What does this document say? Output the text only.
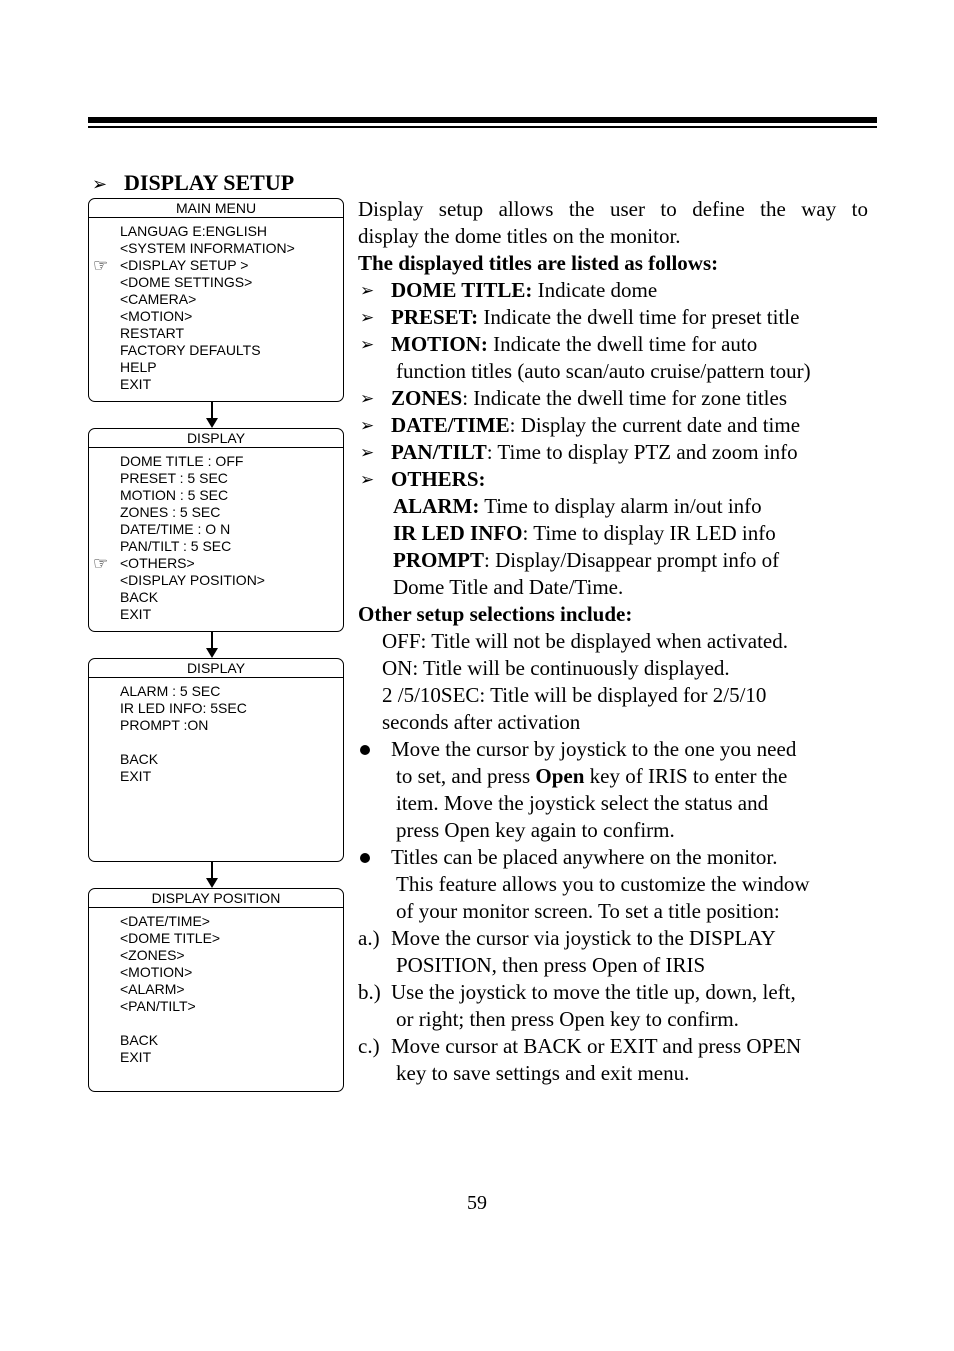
➢ DISPLAY SETUP
MAIN MENU
LANGUAG E:ENGLISH
<SYSTEM INFORMATION>
☞ <DISPLAY SETUP >
<DOME SETTINGS>
<CAMERA>
<MOTION>
RESTART
FACTORY DEFAULTS
HELP
EXIT
DISPLAY
DOME TITLE : OFF
PRESET : 5 SEC
MOTION : 5 SEC
ZONES : 5 SEC
DATE/TIME : O N
PAN/TILT : 5 SEC
☞ <OTHERS>
<DISPLAY POSITION>
BACK
EXIT
DISPLAY
ALARM : 5 SEC
IR LED INFO: 5SEC
PROMPT :ON
BACK
EXIT
DISPLAY POSITION
<DATE/TIME>
<DOME TITLE>
<ZONES>
<MOTION>
<ALARM>
<PAN/TILT>
BACK
EXIT
Display setup allows the user to define the way to
display the dome titles on the monitor.
The displayed titles are listed as follows:
➢ DOME TITLE: Indicate dome
➢ PRESET: Indicate the dwell time for preset title
➢ MOTION: Indicate the dwell time for auto
function titles (auto scan/auto cruise/pattern tour)
➢ ZONES: Indicate the dwell time for zone titles
➢ DATE/TIME: Display the current date and time
➢ PAN/TILT: Time to display PTZ and zoom info
➢ OTHERS:
ALARM: Time to display alarm in/out info
IR LED INFO: Time to display IR LED info
PROMPT: Display/Disappear prompt info of
Dome Title and Date/Time.
Other setup selections include:
OFF: Title will not be displayed when activated.
ON: Title will be continuously displayed.
2 /5/10SEC: Title will be displayed for 2/5/10
seconds after activation
Move the cursor by joystick to the one you need
to set, and press Open key of IRIS to enter the
item. Move the joystick select the status and
press Open key again to confirm.
Titles can be placed anywhere on the monitor.
This feature allows you to customize the window
of your monitor screen. To set a title position:
a.) Move the cursor via joystick to the DISPLAY
POSITION, then press Open of IRIS
b.) Use the joystick to move the title up, down, left,
or right; then press Open key to confirm.
c.) Move cursor at BACK or EXIT and press OPEN
key to save settings and exit menu.
59
